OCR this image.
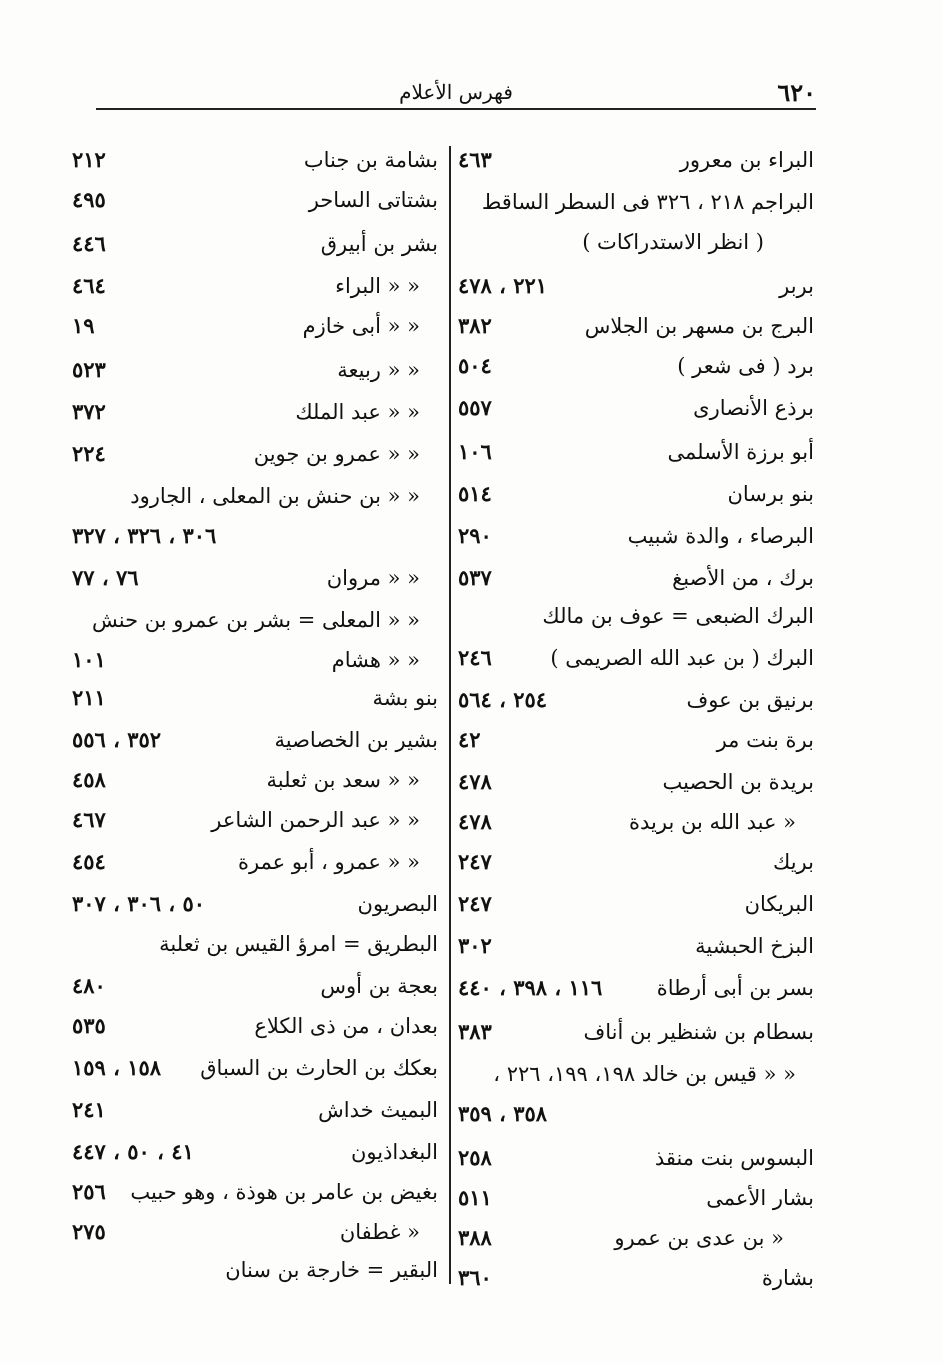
٦٢٠
فهرس الأعلام
البراء بن معرور
٤٦٣
البراجم ٢١٨ ، ٣٢٦ فى السطر الساقط
( انظر الاستدراكات )
بربر
٢٢١ ، ٤٧٨
البرج بن مسهر بن الجلاس
٣٨٢
برد ( فى شعر )
٥٠٤
برذع الأنصارى
٥٥٧
أبو برزة الأسلمى
١٠٦
بنو برسان
٥١٤
البرصاء ، والدة شبيب
٢٩٠
برك ، من الأصبغ
٥٣٧
البرك الضبعى = عوف بن مالك
البرك ( بن عبد الله الصريمى )
٢٤٦
برنيق بن عوف
٢٥٤ ، ٥٦٤
برة بنت مر
٤٢
بريدة بن الحصيب
٤٧٨
« عبد الله بن بريدة
٤٧٨
بريك
٢٤٧
البريكان
٢٤٧
البزخ الحبشية
٣٠٢
بسر بن أبى أرطاة
١١٦ ، ٣٩٨ ، ٤٤٠
بسطام بن شنظير بن أناف
٣٨٣
« « قيس بن خالد ١٩٨، ١٩٩، ٢٢٦ ،
٣٥٨ ، ٣٥٩
البسوس بنت منقذ
٢٥٨
بشار الأعمى
٥١١
« بن عدى بن عمرو
٣٨٨
بشارة
٣٦٠
بشامة بن جناب
٢١٢
بشتاتى الساحر
٤٩٥
بشر بن أبيرق
٤٤٦
« « البراء
٤٦٤
« « أبى خازم
١٩
« « ربيعة
٥٢٣
« « عبد الملك
٣٧٢
« « عمرو بن جوين
٢٢٤
« « بن حنش بن المعلى ، الجارود
٣٠٦ ، ٣٢٦ ، ٣٢٧
« « مروان
٧٦ ، ٧٧
« « المعلى = بشر بن عمرو بن حنش
« « هشام
١٠١
بنو بشة
٢١١
بشير بن الخصاصية
٣٥٢ ، ٥٥٦
« « سعد بن ثعلبة
٤٥٨
« « عبد الرحمن الشاعر
٤٦٧
« « عمرو ، أبو عمرة
٤٥٤
البصريون
٥٠ ، ٣٠٦ ، ٣٠٧
البطريق = امرؤ القيس بن ثعلبة
بعجة بن أوس
٤٨٠
بعدان ، من ذى الكلاع
٥٣٥
بعكك بن الحارث بن السباق
١٥٨ ، ١٥٩
البميث خداش
٢٤١
البغداذيون
٤١ ، ٥٠ ، ٤٤٧
بغيض بن عامر بن هوذة ، وهو حبيب
٢٥٦
« غطفان
٢٧٥
البقير = خارجة بن سنان
